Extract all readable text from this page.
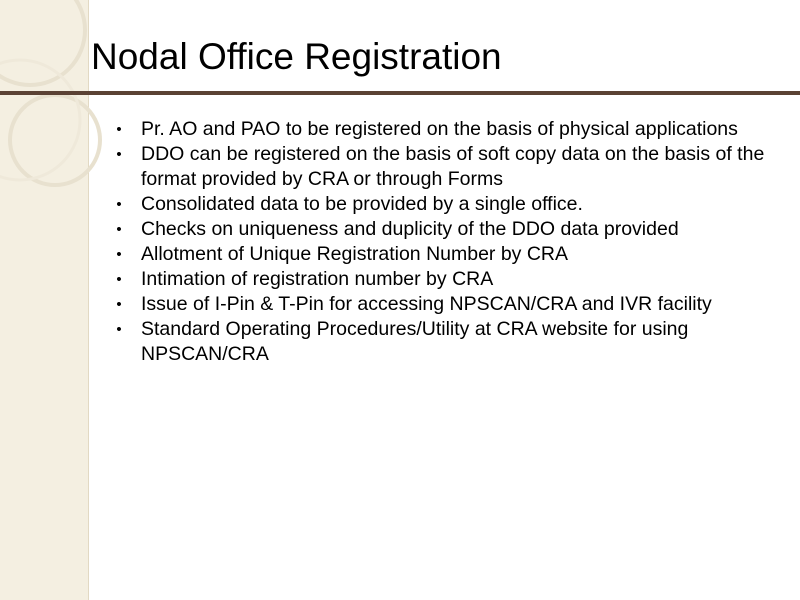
Nodal Office Registration
• Pr. AO and PAO to be registered on the basis of physical applications
• DDO can be registered on the basis of soft copy data on the basis of the format provided by CRA or through Forms
• Consolidated data to be provided by a single office.
• Checks on uniqueness and duplicity of the DDO data provided
• Allotment of Unique Registration Number by CRA
• Intimation of registration number by CRA
• Issue of I-Pin & T-Pin for accessing NPSCAN/CRA and IVR facility
• Standard Operating Procedures/Utility at CRA website for using NPSCAN/CRA
